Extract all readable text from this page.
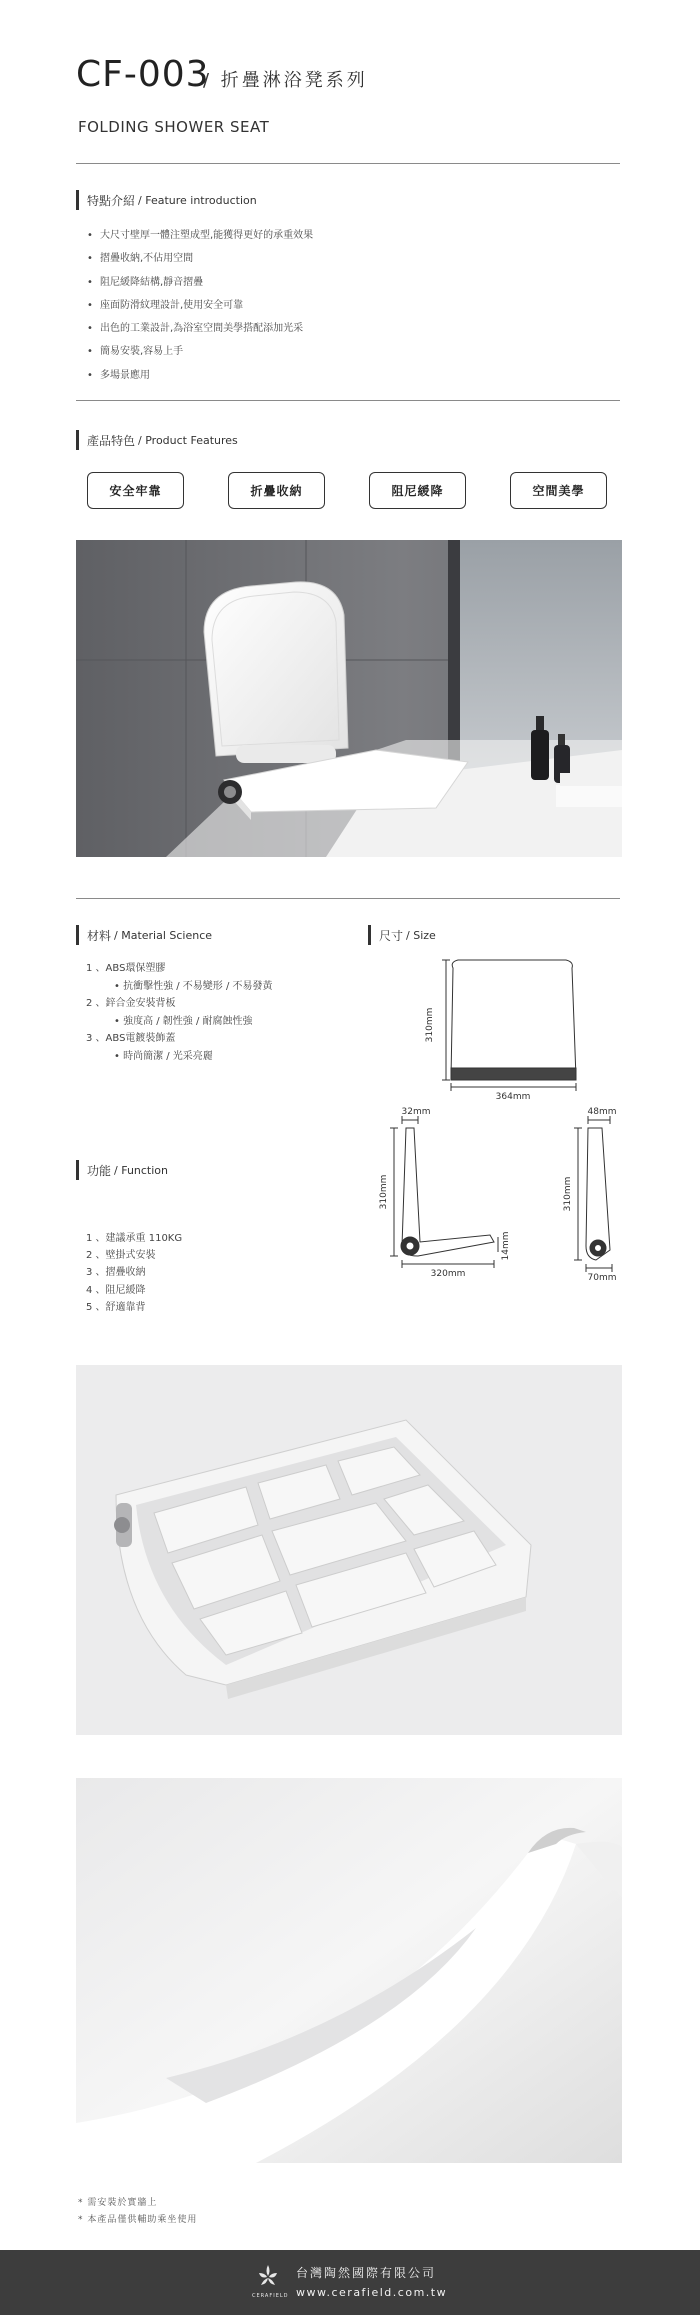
CF-003
/ 折疊淋浴凳系列
FOLDING SHOWER SEAT
特點介紹 / Feature introduction
• 大尺寸壁厚一體注塑成型,能獲得更好的承重效果
• 摺疊收納,不佔用空間
• 阻尼緩降結構,靜音摺疊
• 座面防滑紋理設計,使用安全可靠
• 出色的工業設計,為浴室空間美學搭配添加光采
• 簡易安裝,容易上手
• 多場景應用
產品特色 / Product Features
安全牢靠	折疊收納	阻尼緩降	空間美學
材料 / Material Science
1 、ABS環保塑膠
• 抗衝擊性強 / 不易變形 / 不易發黃
2 、鋅合金安裝背板
• 強度高 / 韌性強 / 耐腐蝕性強
3 、ABS電鍍裝飾蓋
• 時尚簡潔 / 光采亮麗
尺寸 / Size
310mm
364mm
32mm
310mm
320mm
14mm
48mm
310mm
70mm
功能 / Function
1 、建議承重 110KG
2 、壁掛式安裝
3 、摺疊收納
4 、阻尼緩降
5 、舒適靠背
* 需安裝於實牆上
* 本產品僅供輔助乘坐使用
CERAFIELD
台灣陶然國際有限公司
www.cerafield.com.tw
